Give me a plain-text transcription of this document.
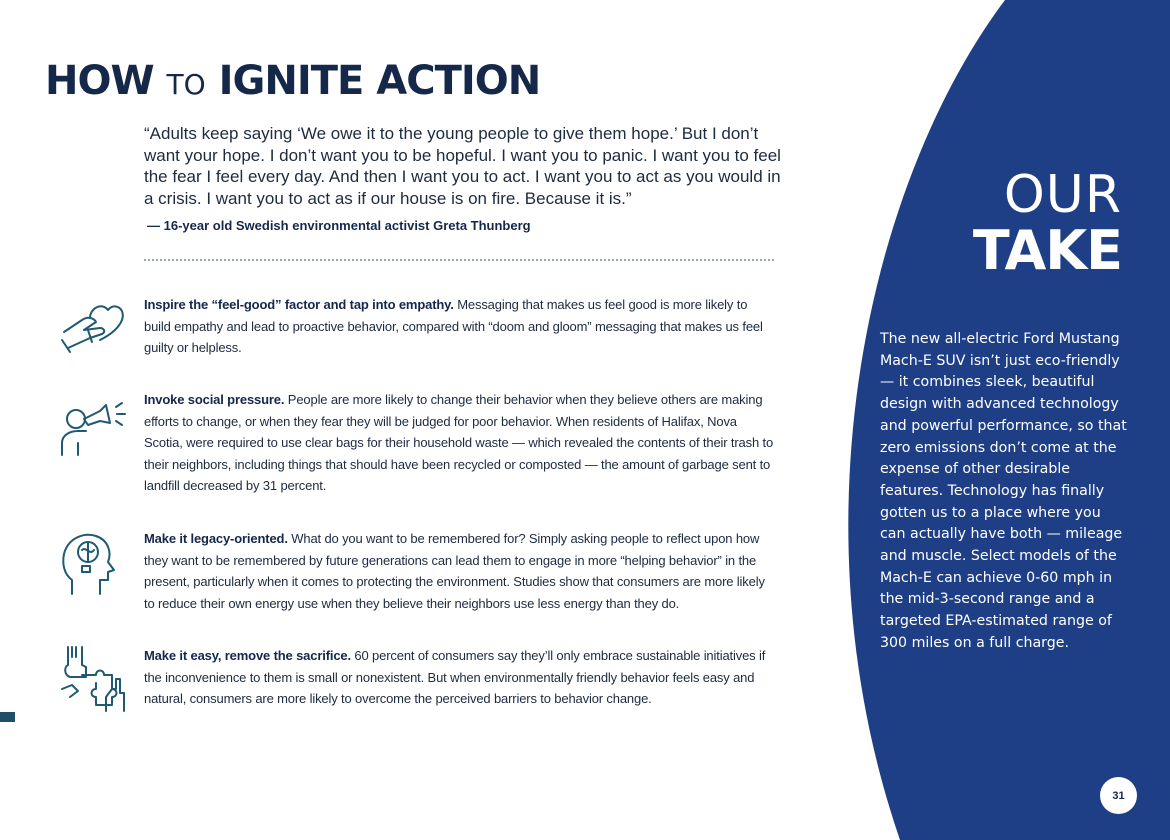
HOW TO IGNITE ACTION

“Adults keep saying ‘We owe it to the young people to give them hope.’ But I don’t want your hope. I don’t want you to be hopeful. I want you to panic. I want you to feel the fear I feel every day. And then I want you to act. I want you to act as you would in a crisis. I want you to act as if our house is on fire. Because it is.”

— 16-year old Swedish environmental activist Greta Thunberg

Inspire the “feel-good” factor and tap into empathy. Messaging that makes us feel good is more likely to build empathy and lead to proactive behavior, compared with “doom and gloom” messaging that makes us feel guilty or helpless.

Invoke social pressure. People are more likely to change their behavior when they believe others are making efforts to change, or when they fear they will be judged for poor behavior. When residents of Halifax, Nova Scotia, were required to use clear bags for their household waste — which revealed the contents of their trash to their neighbors, including things that should have been recycled or composted — the amount of garbage sent to landfill decreased by 31 percent.

Make it legacy-oriented. What do you want to be remembered for? Simply asking people to reflect upon how they want to be remembered by future generations can lead them to engage in more “helping behavior” in the present, particularly when it comes to protecting the environment. Studies show that consumers are more likely to reduce their own energy use when they believe their neighbors use less energy than they do.

Make it easy, remove the sacrifice. 60 percent of consumers say they’ll only embrace sustainable initiatives if the inconvenience to them is small or nonexistent. But when environmentally friendly behavior feels easy and natural, consumers are more likely to overcome the perceived barriers to behavior change.

OUR
TAKE

The new all-electric Ford Mustang Mach-E SUV isn’t just eco-friendly — it combines sleek, beautiful design with advanced technology and powerful performance, so that zero emissions don’t come at the expense of other desirable features. Technology has finally gotten us to a place where you can actually have both — mileage and muscle. Select models of the Mach-E can achieve 0-60 mph in the mid-3-second range and a targeted EPA-estimated range of 300 miles on a full charge.

31
